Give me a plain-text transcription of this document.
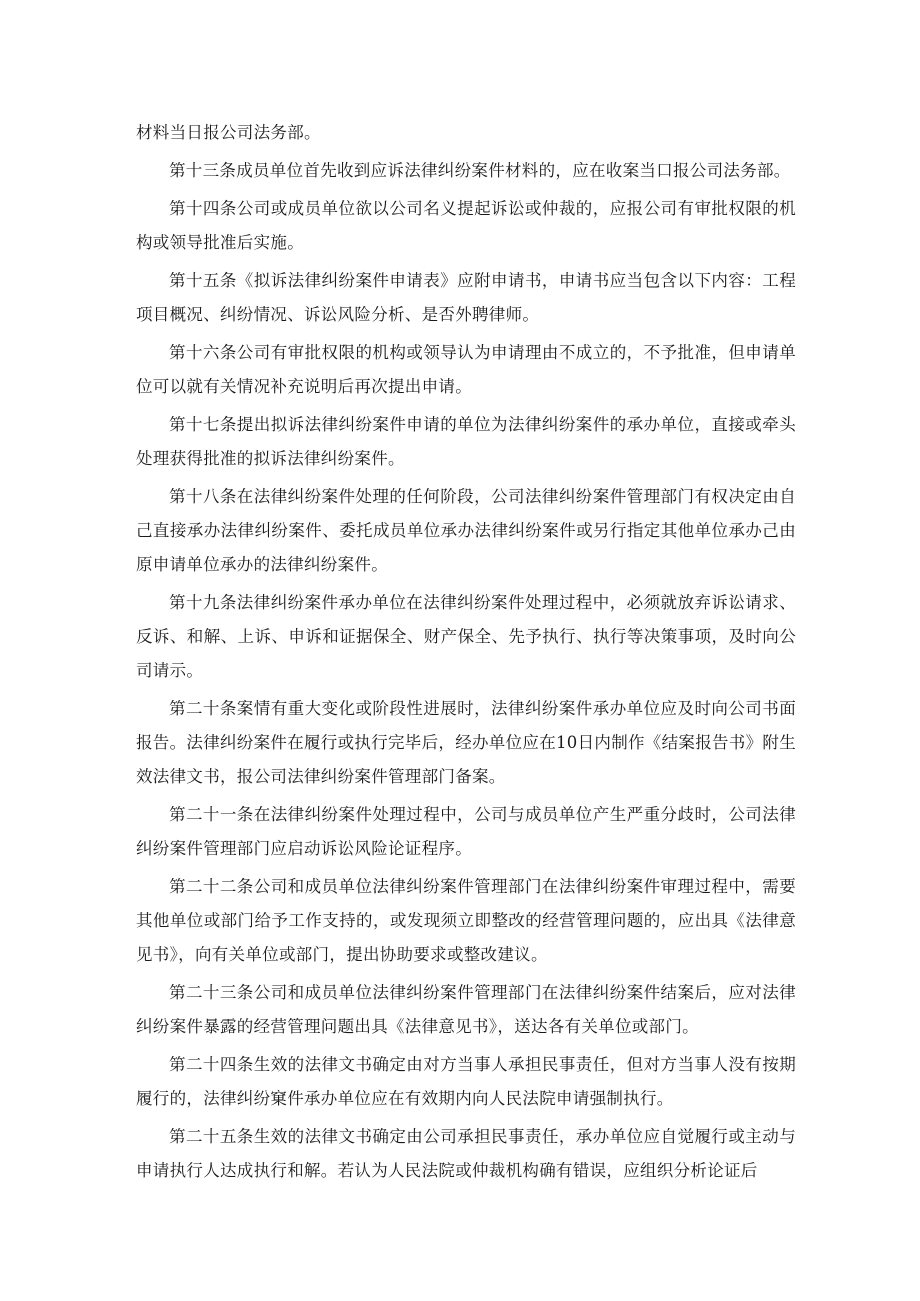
材料当日报公司法务部。

第十三条成员单位首先收到应诉法律纠纷案件材料的，应在收案当口报公司法务部。

第十四条公司或成员单位欲以公司名义提起诉讼或仲裁的，应报公司有审批权限的机构或领导批准后实施。

第十五条《拟诉法律纠纷案件申请表》应附申请书，申请书应当包含以下内容：工程项目概况、纠纷情况、诉讼风险分析、是否外聘律师。

第十六条公司有审批权限的机构或领导认为申请理由不成立的，不予批准，但申请单位可以就有关情况补充说明后再次提出申请。

第十七条提出拟诉法律纠纷案件申请的单位为法律纠纷案件的承办单位，直接或牵头处理获得批准的拟诉法律纠纷案件。

第十八条在法律纠纷案件处理的任何阶段，公司法律纠纷案件管理部门有权决定由自己直接承办法律纠纷案件、委托成员单位承办法律纠纷案件或另行指定其他单位承办己由原申请单位承办的法律纠纷案件。

第十九条法律纠纷案件承办单位在法律纠纷案件处理过程中，必须就放弃诉讼请求、反诉、和解、上诉、申诉和证据保全、财产保全、先予执行、执行等决策事项，及时向公司请示。

第二十条案情有重大变化或阶段性进展时，法律纠纷案件承办单位应及时向公司书面报告。法律纠纷案件在履行或执行完毕后，经办单位应在10日内制作《结案报告书》附生效法律文书，报公司法律纠纷案件管理部门备案。

第二十一条在法律纠纷案件处理过程中，公司与成员单位产生严重分歧时，公司法律纠纷案件管理部门应启动诉讼风险论证程序。

第二十二条公司和成员单位法律纠纷案件管理部门在法律纠纷案件审理过程中，需要其他单位或部门给予工作支持的，或发现须立即整改的经营管理问题的，应出具《法律意见书》，向有关单位或部门，提出协助要求或整改建议。

第二十三条公司和成员单位法律纠纷案件管理部门在法律纠纷案件结案后，应对法律纠纷案件暴露的经营管理问题出具《法律意见书》，送达各有关单位或部门。

第二十四条生效的法律文书确定由对方当事人承担民事责任，但对方当事人没有按期履行的，法律纠纷窠件承办单位应在有效期内向人民法院申请强制执行。

第二十五条生效的法律文书确定由公司承担民事责任，承办单位应自觉履行或主动与申请执行人达成执行和解。若认为人民法院或仲裁机构确有错误，应组织分析论证后
